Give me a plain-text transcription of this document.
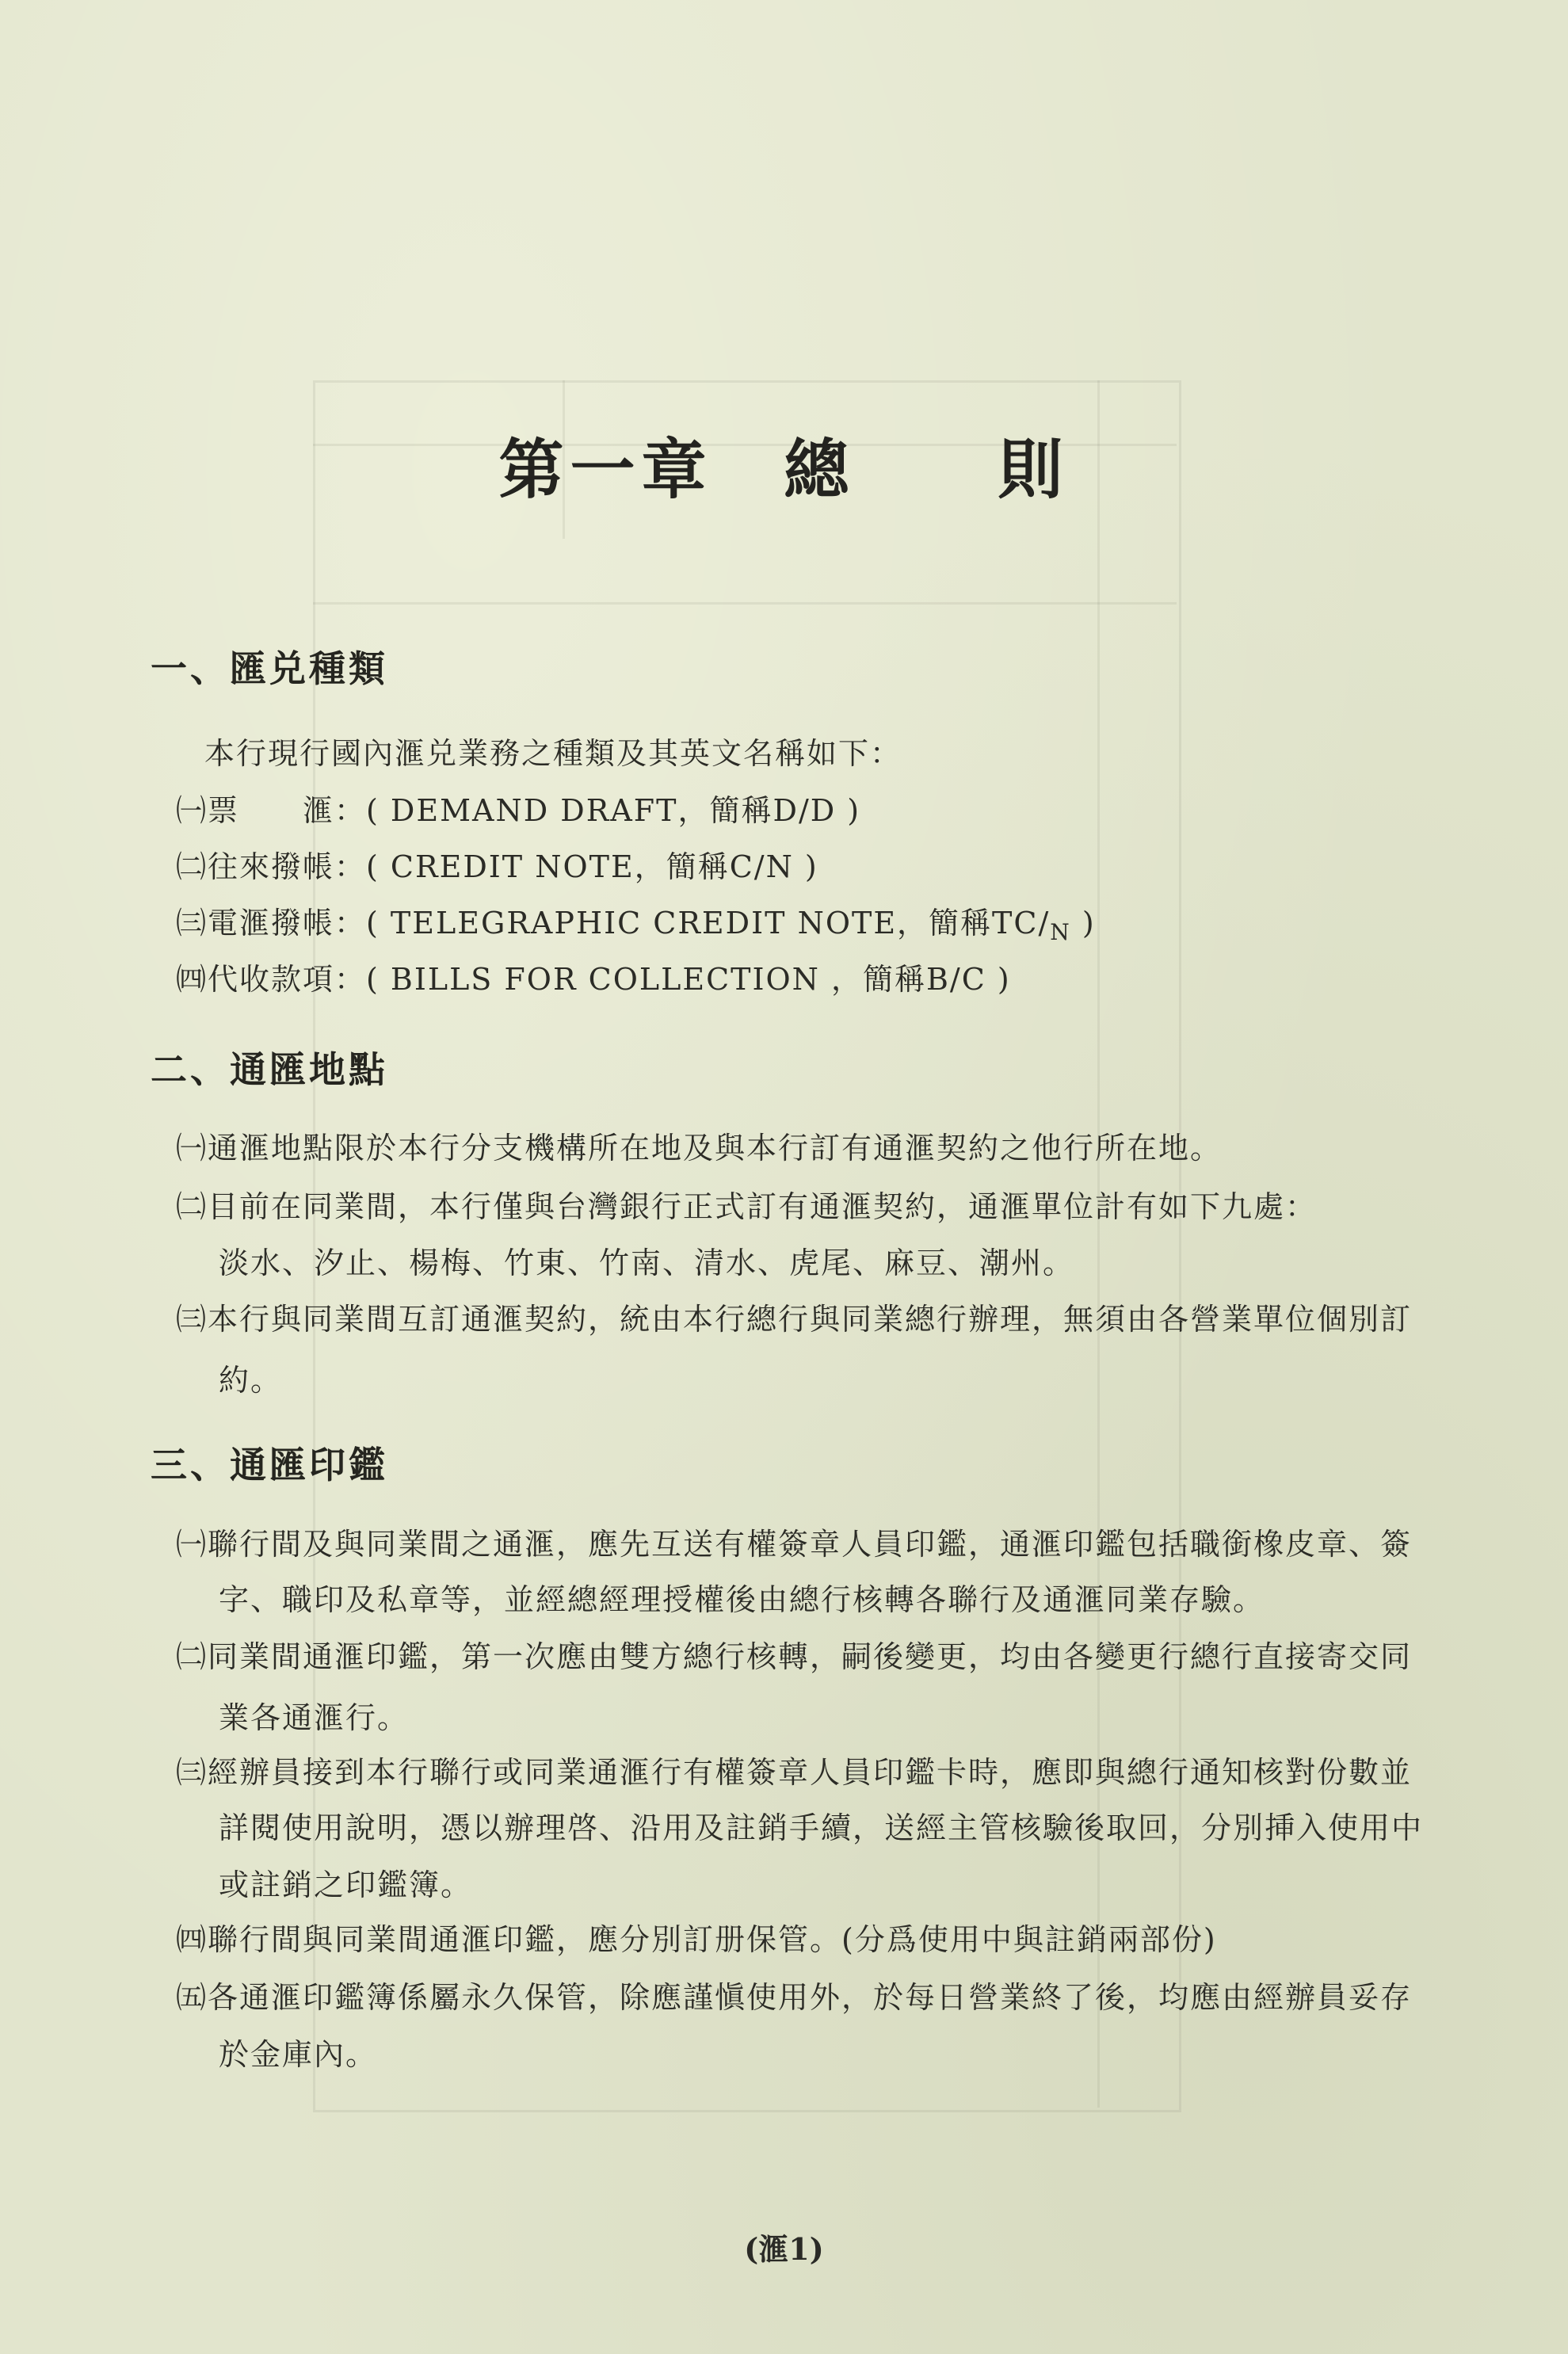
第一章　總　　則
一、匯兑種類
本行現行國內滙兑業務之種類及其英文名稱如下：
㈠票　　滙：( DEMAND DRAFT，簡稱D/D )
㈡往來撥帳：( CREDIT NOTE，簡稱C/N )
㈢電滙撥帳：( TELEGRAPHIC CREDIT NOTE，簡稱$TC/_N$ )
㈣代收款項：( BILLS FOR COLLECTION ，簡稱B/C )
二、通匯地點
㈠通滙地點限於本行分支機構所在地及與本行訂有通滙契約之他行所在地。
㈡目前在同業間，本行僅與台灣銀行正式訂有通滙契約，通滙單位計有如下九處：
淡水、汐止、楊梅、竹東、竹南、清水、虎尾、麻豆、潮州。
㈢本行與同業間互訂通滙契約，統由本行總行與同業總行辦理，無須由各營業單位個別訂
約。
三、通匯印鑑
㈠聯行間及與同業間之通滙，應先互送有權簽章人員印鑑，通滙印鑑包括職銜橡皮章、簽
字、職印及私章等，並經總經理授權後由總行核轉各聯行及通滙同業存驗。
㈡同業間通滙印鑑，第一次應由雙方總行核轉，嗣後變更，均由各變更行總行直接寄交同
業各通滙行。
㈢經辦員接到本行聯行或同業通滙行有權簽章人員印鑑卡時，應即與總行通知核對份數並
詳閱使用說明，憑以辦理啓、沿用及註銷手續，送經主管核驗後取回，分別挿入使用中
或註銷之印鑑簿。
㈣聯行間與同業間通滙印鑑，應分別訂册保管。(分爲使用中與註銷兩部份)
㈤各通滙印鑑簿係屬永久保管，除應謹愼使用外，於每日營業終了後，均應由經辦員妥存
於金庫內。
(滙1)
